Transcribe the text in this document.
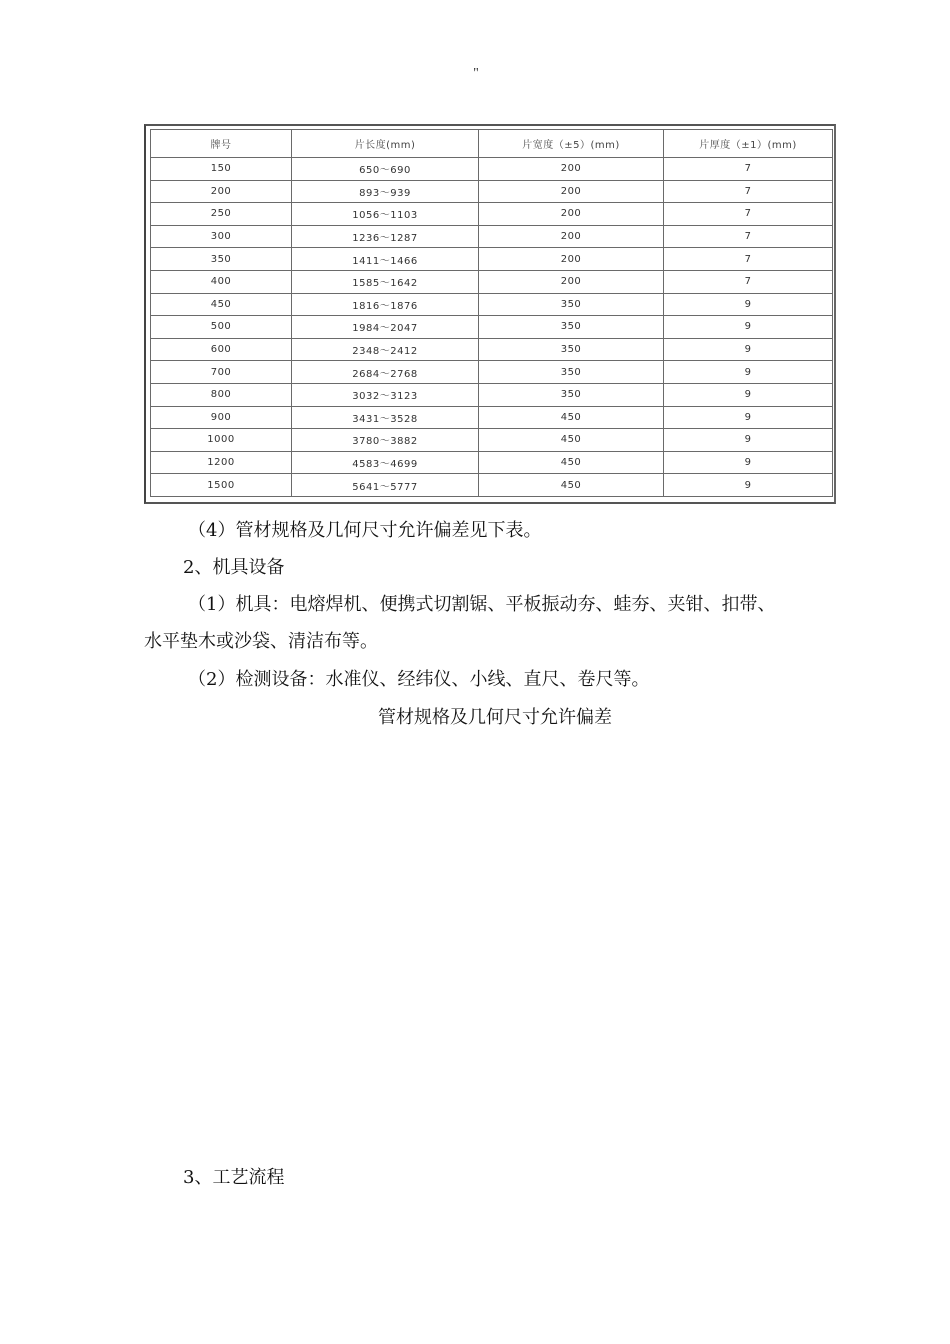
"
牌号	片长度(mm)	片宽度（±5）(mm)	片厚度（±1）(mm)
150	650～690	200	7
200	893～939	200	7
250	1056～1103	200	7
300	1236～1287	200	7
350	1411～1466	200	7
400	1585～1642	200	7
450	1816～1876	350	9
500	1984～2047	350	9
600	2348～2412	350	9
700	2684～2768	350	9
800	3032～3123	350	9
900	3431～3528	450	9
1000	3780～3882	450	9
1200	4583～4699	450	9
1500	5641～5777	450	9
（4）管材规格及几何尺寸允许偏差见下表。
2、机具设备
（1）机具：电熔焊机、便携式切割锯、平板振动夯、蛙夯、夹钳、扣带、
水平垫木或沙袋、清洁布等。
（2）检测设备：水准仪、经纬仪、小线、直尺、卷尺等。
管材规格及几何尺寸允许偏差
3、工艺流程
